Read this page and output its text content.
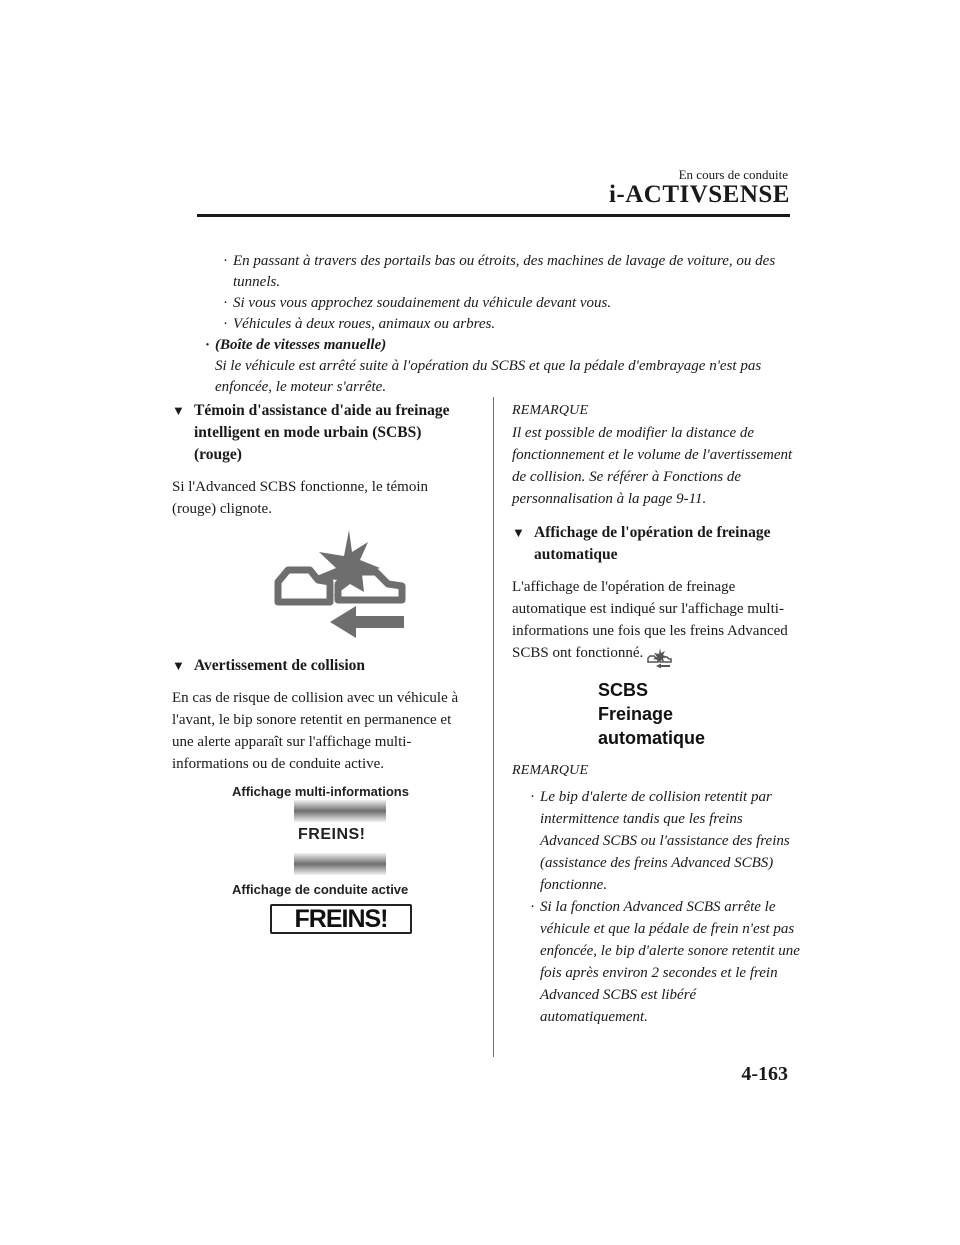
En cours de conduite
i-ACTIVSENSE
· En passant à travers des portails bas ou étroits, des machines de lavage de voiture, ou des tunnels.
· Si vous vous approchez soudainement du véhicule devant vous.
· Véhicules à deux roues, animaux ou arbres.
· (Boîte de vitesses manuelle)
Si le véhicule est arrêté suite à l'opération du SCBS et que la pédale d'embrayage n'est pas enfoncée, le moteur s'arrête.
▼ Témoin d'assistance d'aide au freinage intelligent en mode urbain (SCBS) (rouge)
Si l'Advanced SCBS fonctionne, le témoin (rouge) clignote.
▼ Avertissement de collision
En cas de risque de collision avec un véhicule à l'avant, le bip sonore retentit en permanence et une alerte apparaît sur l'affichage multi-informations ou de conduite active.
Affichage multi-informations
FREINS!
Affichage de conduite active
FREINS!
REMARQUE
Il est possible de modifier la distance de fonctionnement et le volume de l'avertissement de collision. Se référer à Fonctions de personnalisation à la page 9-11.
▼ Affichage de l'opération de freinage automatique
L'affichage de l'opération de freinage automatique est indiqué sur l'affichage multi-informations une fois que les freins Advanced SCBS ont fonctionné.
SCBS
Freinage
automatique
REMARQUE
· Le bip d'alerte de collision retentit par intermittence tandis que les freins Advanced SCBS ou l'assistance des freins (assistance des freins Advanced SCBS) fonctionne.
· Si la fonction Advanced SCBS arrête le véhicule et que la pédale de frein n'est pas enfoncée, le bip d'alerte sonore retentit une fois après environ 2 secondes et le frein Advanced SCBS est libéré automatiquement.
4-163
